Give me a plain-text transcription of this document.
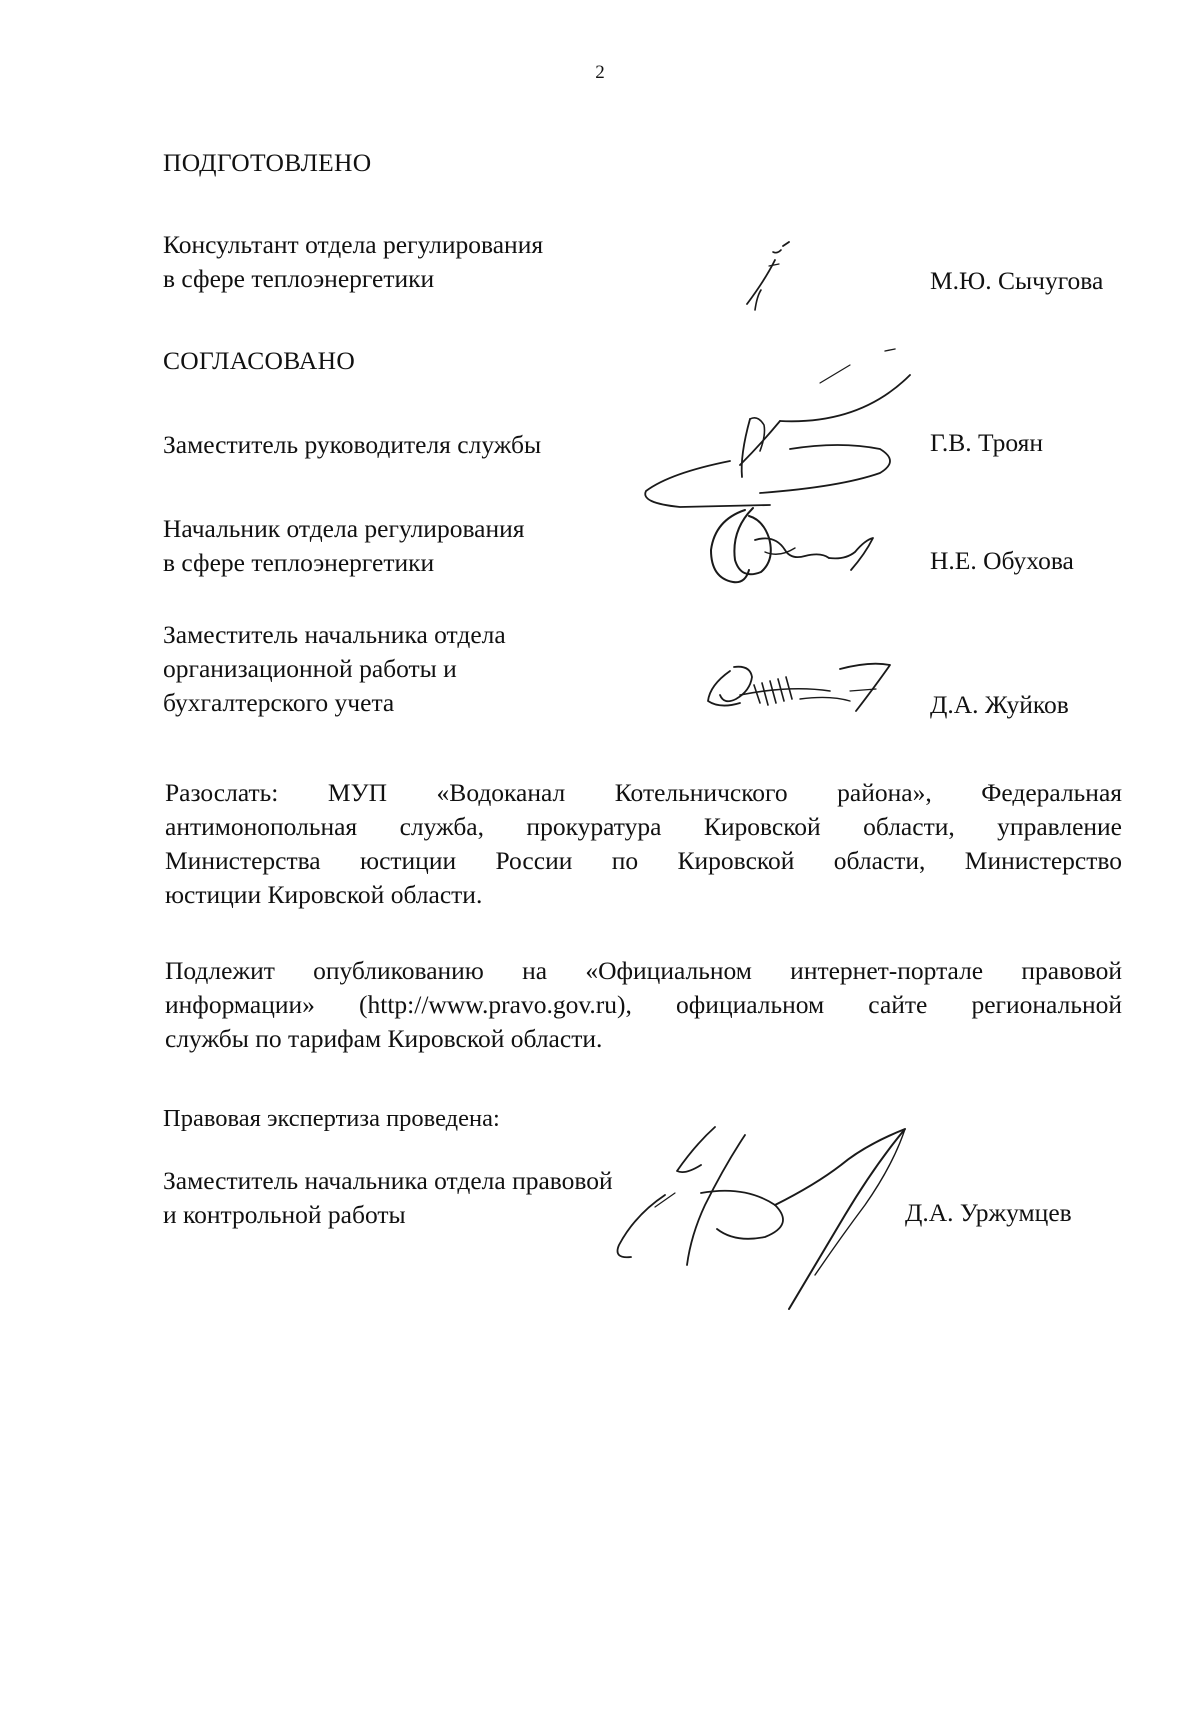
2
ПОДГОТОВЛЕНО
Консультант отдела регулирования
в сфере теплоэнергетики	М.Ю. Сычугова
СОГЛАСОВАНО
Заместитель руководителя службы	Г.В. Троян
Начальник отдела регулирования
в сфере теплоэнергетики	Н.Е. Обухова
Заместитель начальника отдела
организационной работы и
бухгалтерского учета	Д.А. Жуйков
Разослать: МУП «Водоканал Котельничского района», Федеральная
антимонопольная служба, прокуратура Кировской области, управление
Министерства юстиции России по Кировской области, Министерство
юстиции Кировской области.
Подлежит опубликованию на «Официальном интернет-портале правовой
информации» (http://www.pravo.gov.ru), официальном сайте региональной
службы по тарифам Кировской области.
Правовая экспертиза проведена:
Заместитель начальника отдела правовой
и контрольной работы	Д.А. Уржумцев
